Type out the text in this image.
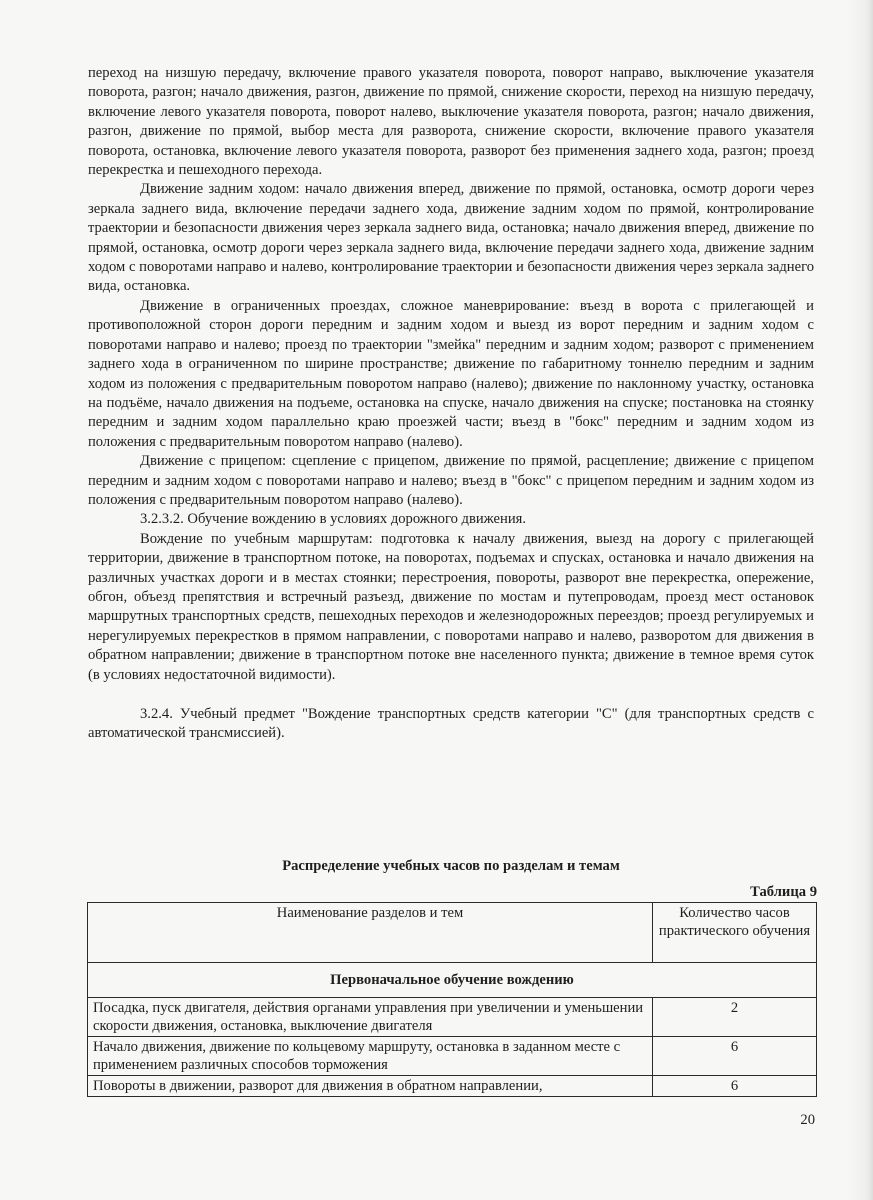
переход на низшую передачу, включение правого указателя поворота, поворот направо, выключение указателя поворота, разгон; начало движения, разгон, движение по прямой, снижение скорости, переход на низшую передачу, включение левого указателя поворота, поворот налево, выключение указателя поворота, разгон; начало движения, разгон, движение по прямой, выбор места для разворота, снижение скорости, включение правого указателя поворота, остановка, включение левого указателя поворота, разворот без применения заднего хода, разгон; проезд перекрестка и пешеходного перехода.

Движение задним ходом: начало движения вперед, движение по прямой, остановка, осмотр дороги через зеркала заднего вида, включение передачи заднего хода, движение задним ходом по прямой, контролирование траектории и безопасности движения через зеркала заднего вида, остановка; начало движения вперед, движение по прямой, остановка, осмотр дороги через зеркала заднего вида, включение передачи заднего хода, движение задним ходом с поворотами направо и налево, контролирование траектории и безопасности движения через зеркала заднего вида, остановка.

Движение в ограниченных проездах, сложное маневрирование: въезд в ворота с прилегающей и противоположной сторон дороги передним и задним ходом и выезд из ворот передним и задним ходом с поворотами направо и налево; проезд по траектории "змейка" передним и задним ходом; разворот с применением заднего хода в ограниченном по ширине пространстве; движение по габаритному тоннелю передним и задним ходом из положения с предварительным поворотом направо (налево); движение по наклонному участку, остановка на подъёме, начало движения на подъеме, остановка на спуске, начало движения на спуске; постановка на стоянку передним и задним ходом параллельно краю проезжей части; въезд в "бокс" передним и задним ходом из положения с предварительным поворотом направо (налево).

Движение с прицепом: сцепление с прицепом, движение по прямой, расцепление; движение с прицепом передним и задним ходом с поворотами направо и налево; въезд в "бокс" с прицепом передним и задним ходом из положения с предварительным поворотом направо (налево).

3.2.3.2. Обучение вождению в условиях дорожного движения.

Вождение по учебным маршрутам: подготовка к началу движения, выезд на дорогу с прилегающей территории, движение в транспортном потоке, на поворотах, подъемах и спусках, остановка и начало движения на различных участках дороги и в местах стоянки; перестроения, повороты, разворот вне перекрестка, опережение, обгон, объезд препятствия и встречный разъезд, движение по мостам и путепроводам, проезд мест остановок маршрутных транспортных средств, пешеходных переходов и железнодорожных переездов; проезд регулируемых и нерегулируемых перекрестков в прямом направлении, с поворотами направо и налево, разворотом для движения в обратном направлении; движение в транспортном потоке вне населенного пункта; движение в темное время суток (в условиях недостаточной видимости).

3.2.4. Учебный предмет "Вождение транспортных средств категории "C" (для транспортных средств с автоматической трансмиссией).

Распределение учебных часов по разделам и темам
Таблица 9
Наименование разделов и тем	Количество часов практического обучения
Первоначальное обучение вождению	
Посадка, пуск двигателя, действия органами управления при увеличении и уменьшении скорости движения, остановка, выключение двигателя	2
Начало движения, движение по кольцевому маршруту, остановка в заданном месте с применением различных способов торможения	6
Повороты в движении, разворот для движения в обратном направлении,	6
20
